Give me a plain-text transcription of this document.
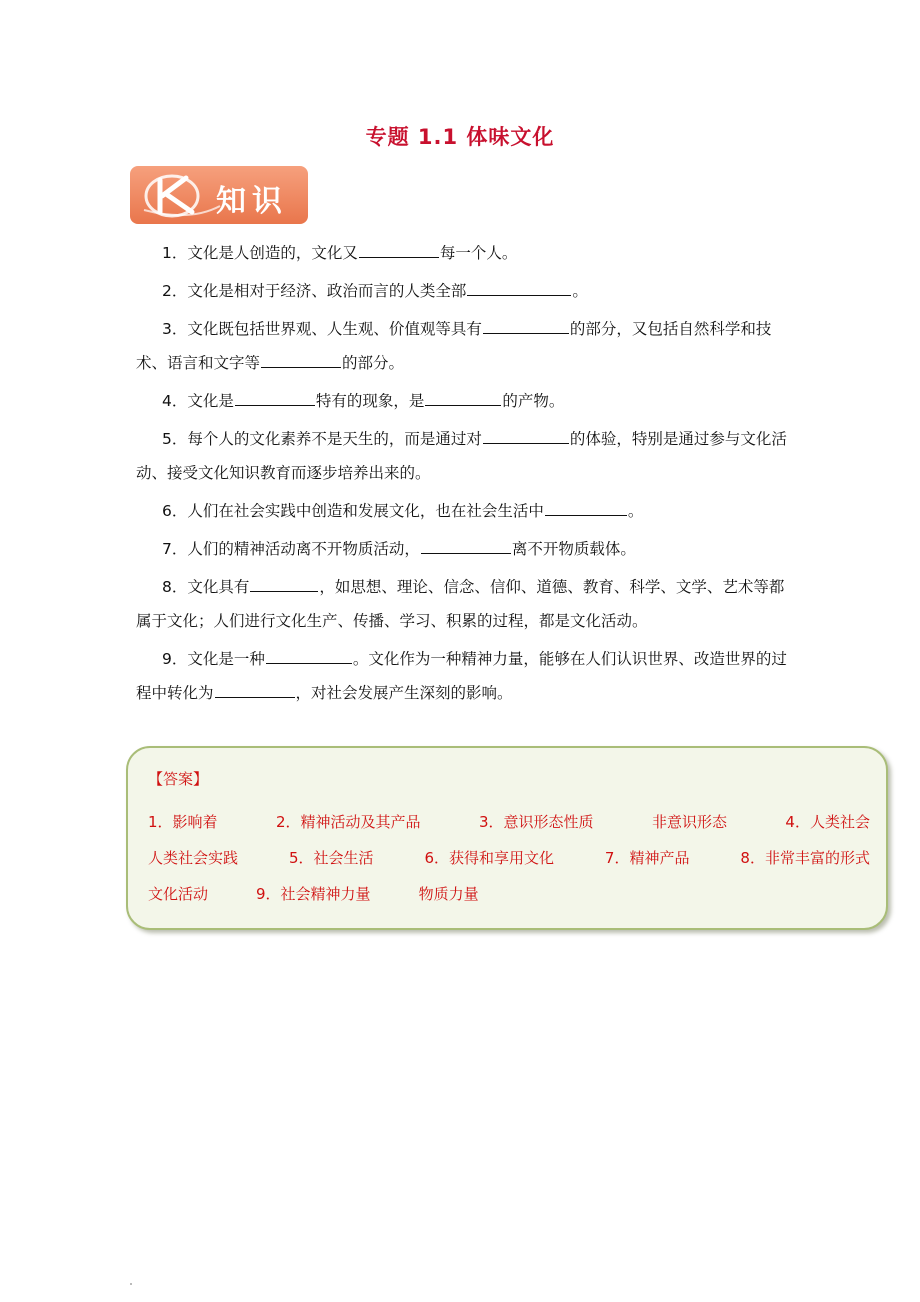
专题 1.1 体味文化
知识

1．文化是人创造的，文化又	每一个人。

2．文化是相对于经济、政治而言的人类全部	。

3．文化既包括世界观、人生观、价值观等具有	的部分，又包括自然科学和技术、语言和文字等	的部分。

4．文化是	特有的现象，是	的产物。

5．每个人的文化素养不是天生的，而是通过对	的体验，特别是通过参与文化活动、接受文化知识教育而逐步培养出来的。

6．人们在社会实践中创造和发展文化，也在社会生活中	。

7．人们的精神活动离不开物质活动，	离不开物质载体。

8．文化具有	，如思想、理论、信念、信仰、道德、教育、科学、文学、艺术等都属于文化；人们进行文化生产、传播、学习、积累的过程，都是文化活动。

9．文化是一种	。文化作为一种精神力量，能够在人们认识世界、改造世界的过程中转化为	，对社会发展产生深刻的影响。

【答案】
1．影响着	2．精神活动及其产品	3．意识形态性质	非意识形态	4．人类社会
人类社会实践	5．社会生活	6．获得和享用文化	7．精神产品	8．非常丰富的形式
文化活动	9．社会精神力量	物质力量
